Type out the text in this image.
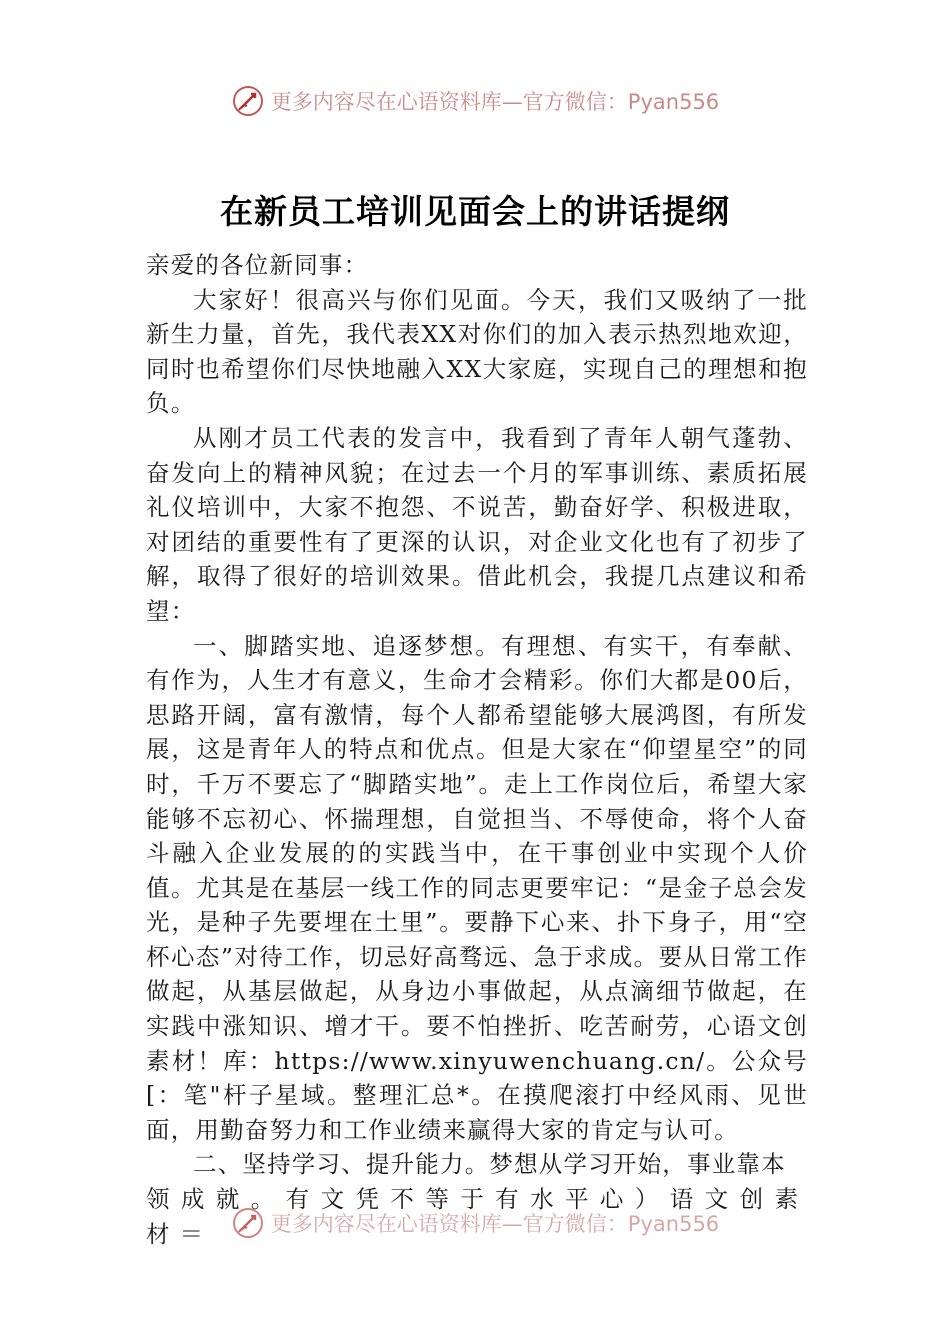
更多内容尽在心语资料库—官方微信：Pyan556
在新员工培训见面会上的讲话提纲

亲爱的各位新同事：

大家好！很高兴与你们见面。今天，我们又吸纳了一批新生力量，首先，我代表XX对你们的加入表示热烈地欢迎，同时也希望你们尽快地融入XX大家庭，实现自己的理想和抱负。

从刚才员工代表的发言中，我看到了青年人朝气蓬勃、奋发向上的精神风貌；在过去一个月的军事训练、素质拓展礼仪培训中，大家不抱怨、不说苦，勤奋好学、积极进取，对团结的重要性有了更深的认识，对企业文化也有了初步了解，取得了很好的培训效果。借此机会，我提几点建议和希望：

一、脚踏实地、追逐梦想。有理想、有实干，有奉献、有作为，人生才有意义，生命才会精彩。你们大都是00后，思路开阔，富有激情，每个人都希望能够大展鸿图，有所发展，这是青年人的特点和优点。但是大家在“仰望星空”的同时，千万不要忘了“脚踏实地”。走上工作岗位后，希望大家能够不忘初心、怀揣理想，自觉担当、不辱使命，将个人奋斗融入企业发展的的实践当中，在干事创业中实现个人价值。尤其是在基层一线工作的同志更要牢记：“是金子总会发光，是种子先要埋在土里”。要静下心来、扑下身子，用“空杯心态”对待工作，切忌好高骛远、急于求成。要从日常工作做起，从基层做起，从身边小事做起，从点滴细节做起，在实践中涨知识、增才干。要不怕挫折、吃苦耐劳，心语文创素材！库：https://www.xinyuwenchuang.cn/。公众号[：笔"杆子星域。整理汇总*。在摸爬滚打中经风雨、见世面，用勤奋努力和工作业绩来赢得大家的肯定与认可。

二、坚持学习、提升能力。梦想从学习开始，事业靠本

领成就。有文凭不等于有水平心）语文创素材＝	更多内容尽在心语资料库—官方微信：Pyan556
